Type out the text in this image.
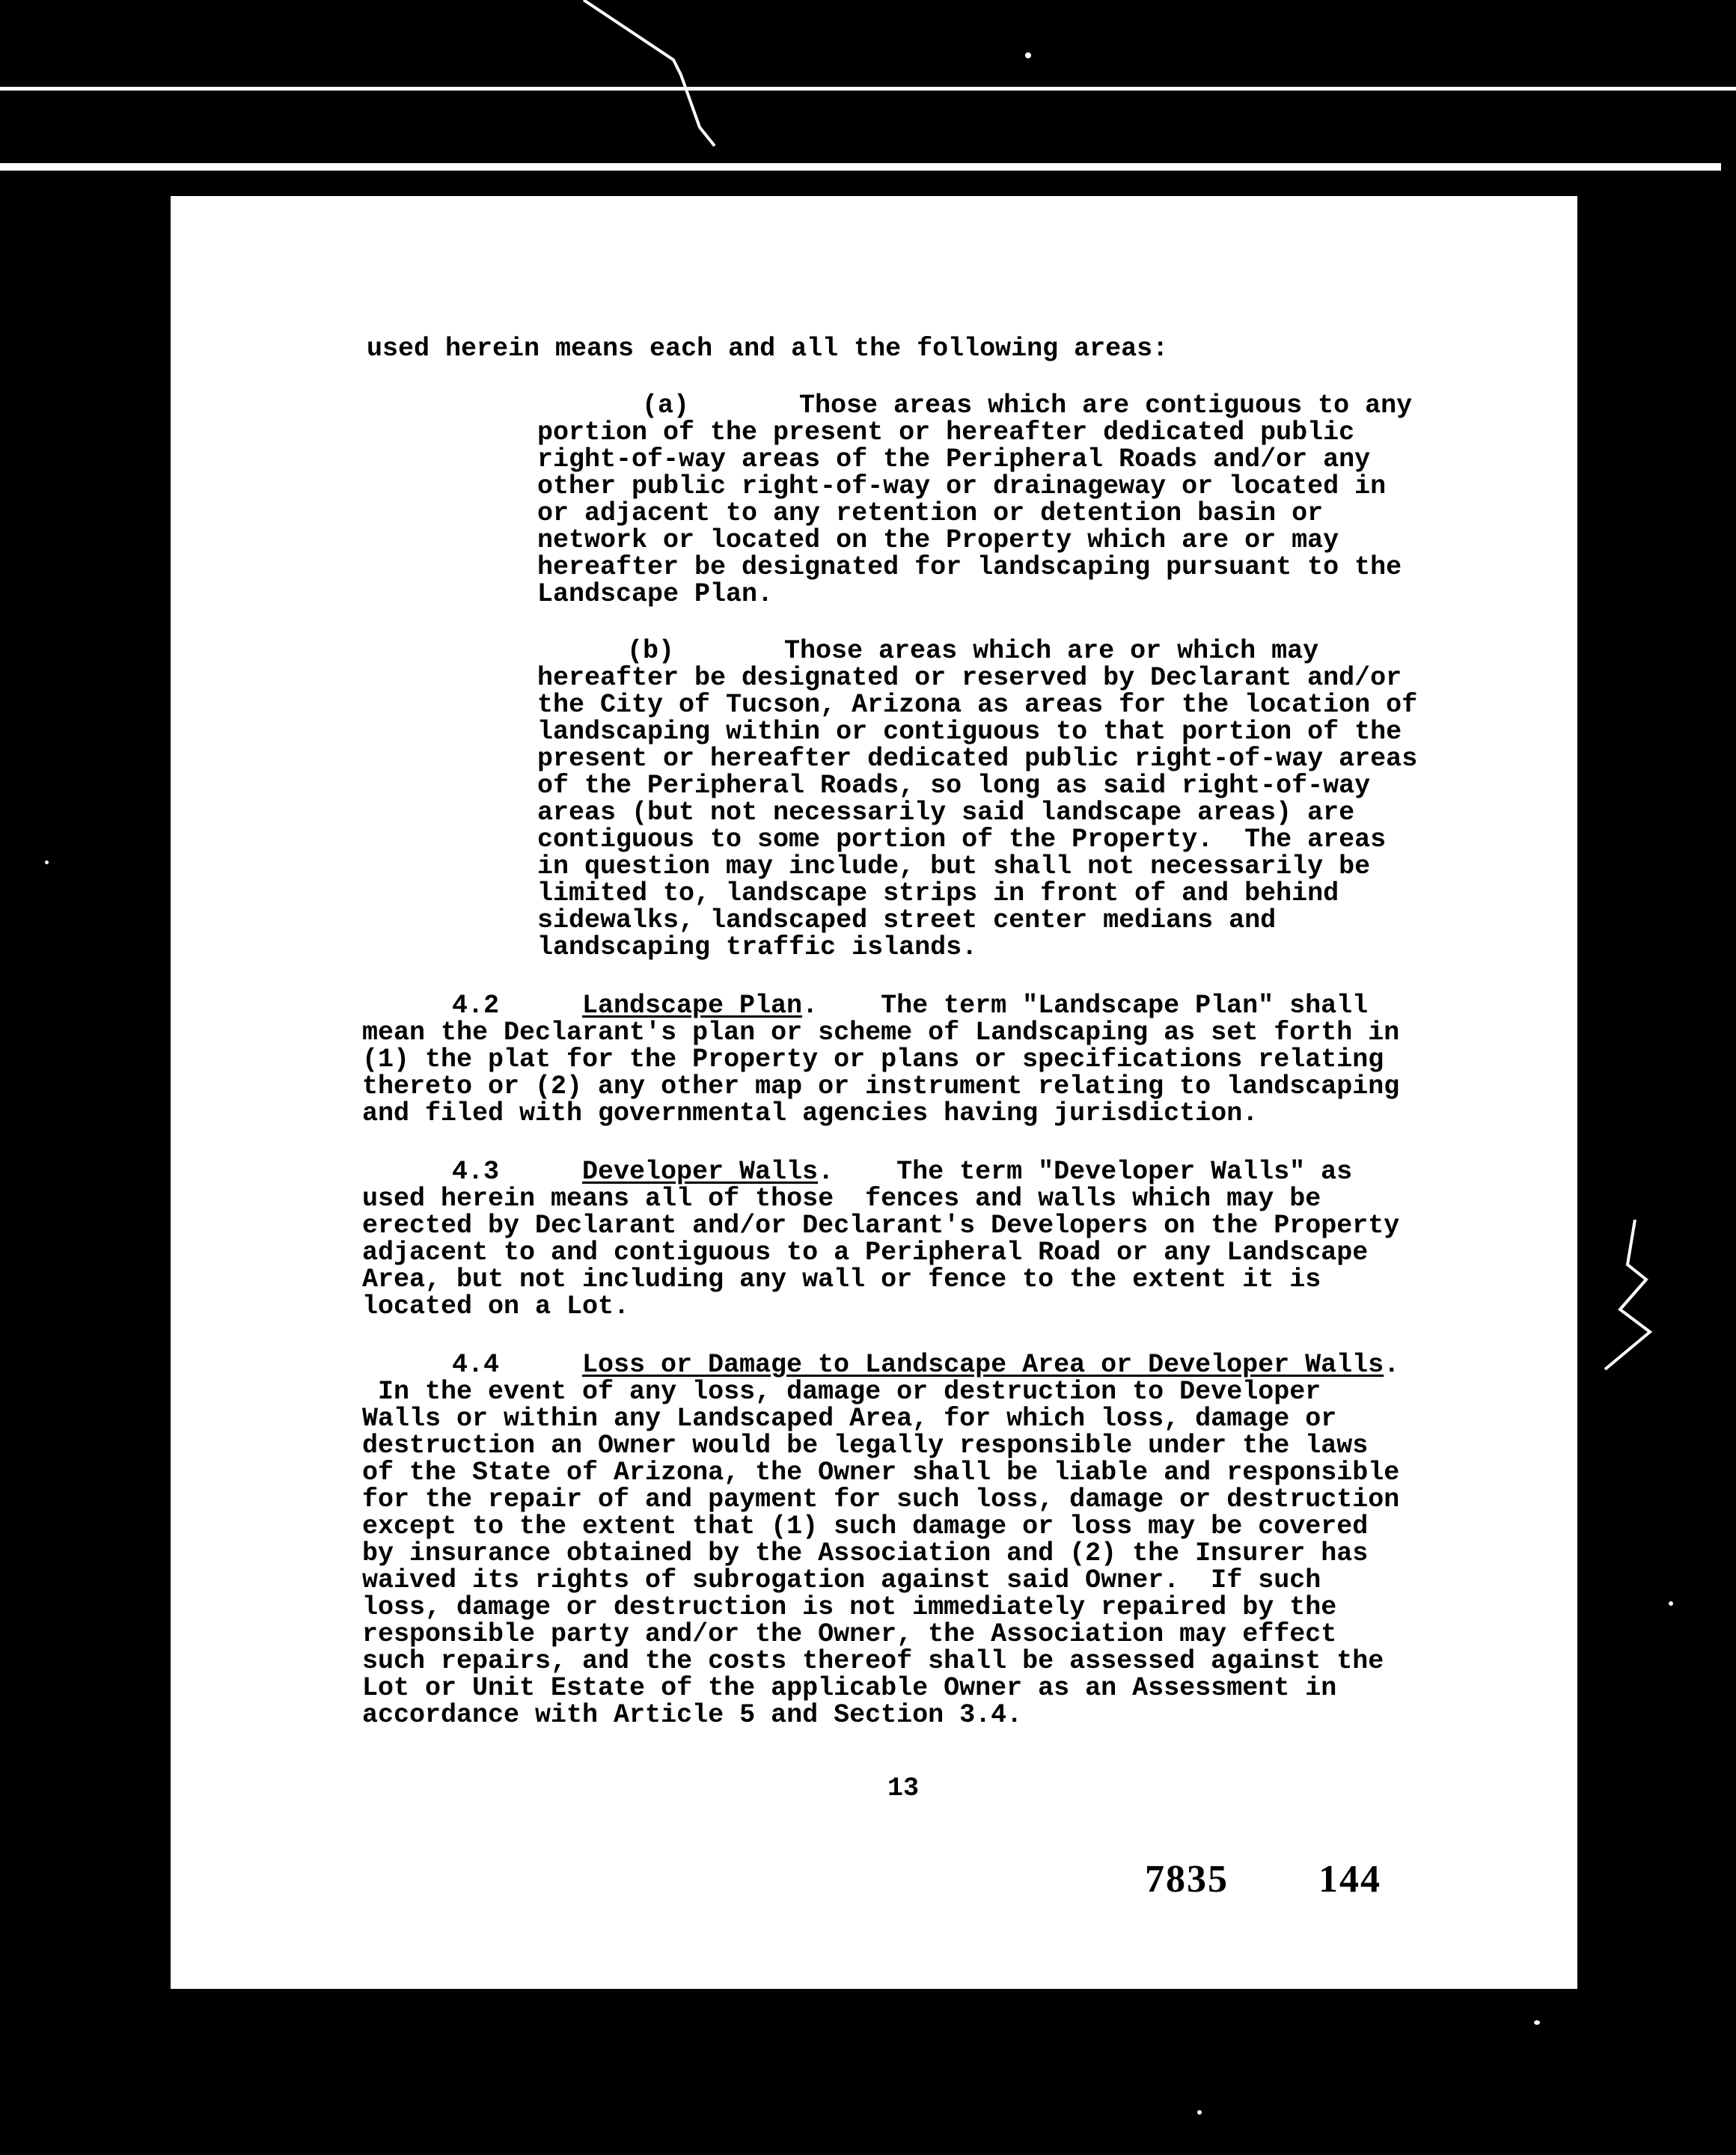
used herein means each and all the following areas:
(a)       Those areas which are contiguous to any
portion of the present or hereafter dedicated public
right-of-way areas of the Peripheral Roads and/or any
other public right-of-way or drainageway or located in
or adjacent to any retention or detention basin or
network or located on the Property which are or may
hereafter be designated for landscaping pursuant to the
Landscape Plan.
(b)       Those areas which are or which may
hereafter be designated or reserved by Declarant and/or
the City of Tucson, Arizona as areas for the location of
landscaping within or contiguous to that portion of the
present or hereafter dedicated public right-of-way areas
of the Peripheral Roads, so long as said right-of-way
areas (but not necessarily said landscape areas) are
contiguous to some portion of the Property.  The areas
in question may include, but shall not necessarily be
limited to, landscape strips in front of and behind
sidewalks, landscaped street center medians and
landscaping traffic islands.
4.2	Landscape Plan.    The term "Landscape Plan" shall
mean the Declarant's plan or scheme of Landscaping as set forth in
(1) the plat for the Property or plans or specifications relating
thereto or (2) any other map or instrument relating to landscaping
and filed with governmental agencies having jurisdiction.
4.3	Developer Walls.    The term "Developer Walls" as
used herein means all of those  fences and walls which may be
erected by Declarant and/or Declarant's Developers on the Property
adjacent to and contiguous to a Peripheral Road or any Landscape
Area, but not including any wall or fence to the extent it is
located on a Lot.
4.4	Loss or Damage to Landscape Area or Developer Walls.
In the event of any loss, damage or destruction to Developer
Walls or within any Landscaped Area, for which loss, damage or
destruction an Owner would be legally responsible under the laws
of the State of Arizona, the Owner shall be liable and responsible
for the repair of and payment for such loss, damage or destruction
except to the extent that (1) such damage or loss may be covered
by insurance obtained by the Association and (2) the Insurer has
waived its rights of subrogation against said Owner.  If such
loss, damage or destruction is not immediately repaired by the
responsible party and/or the Owner, the Association may effect
such repairs, and the costs thereof shall be assessed against the
Lot or Unit Estate of the applicable Owner as an Assessment in
accordance with Article 5 and Section 3.4.
13
7835 144
